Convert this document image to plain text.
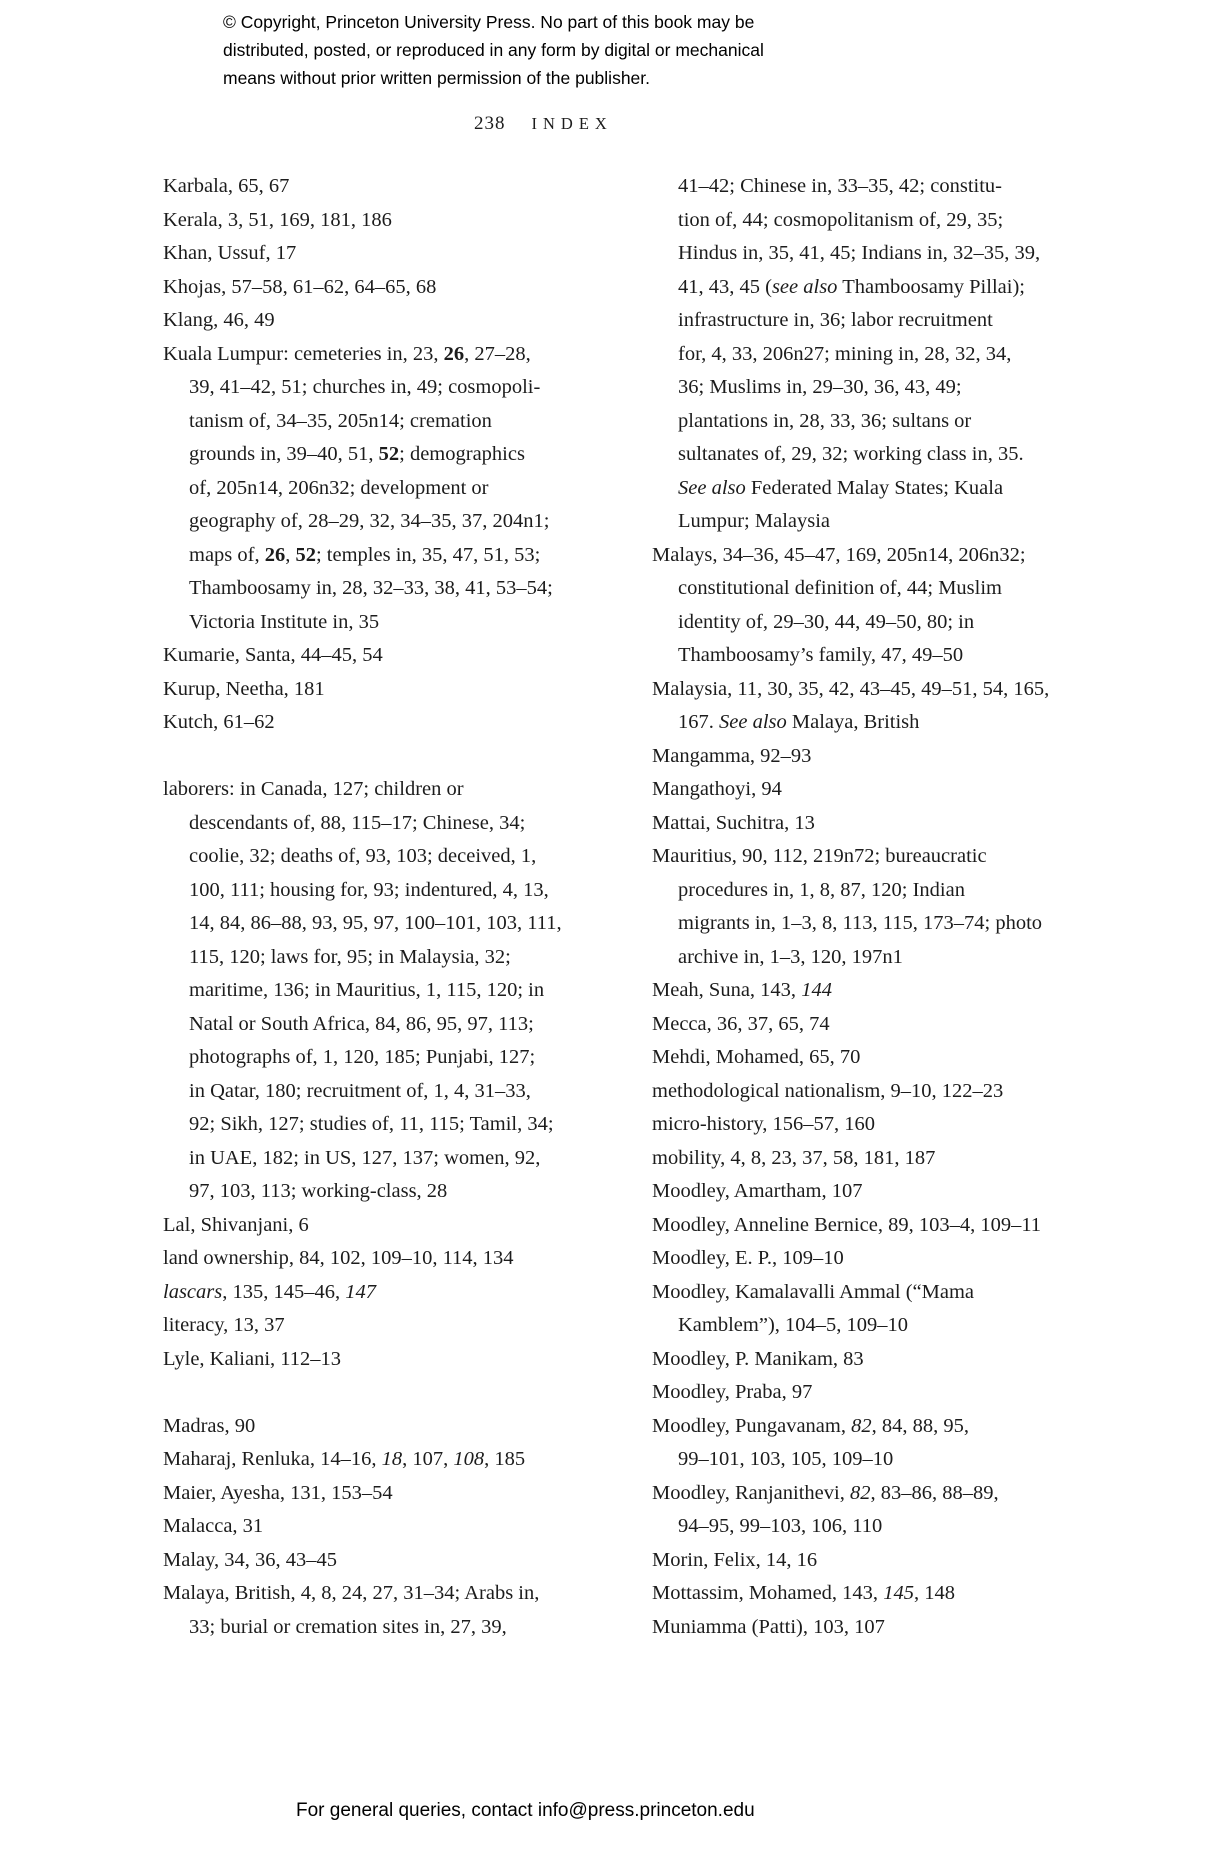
© Copyright, Princeton University Press. No part of this book may be
distributed, posted, or reproduced in any form by digital or mechanical
means without prior written permission of the publisher.
238 INDEX
Karbala, 65, 67
Kerala, 3, 51, 169, 181, 186
Khan, Ussuf, 17
Khojas, 57–58, 61–62, 64–65, 68
Klang, 46, 49
Kuala Lumpur: cemeteries in, 23, 26, 27–28,
39, 41–42, 51; churches in, 49; cosmopoli-
tanism of, 34–35, 205n14; cremation
grounds in, 39–40, 51, 52; demographics
of, 205n14, 206n32; development or
geography of, 28–29, 32, 34–35, 37, 204n1;
maps of, 26, 52; temples in, 35, 47, 51, 53;
Thamboosamy in, 28, 32–33, 38, 41, 53–54;
Victoria Institute in, 35
Kumarie, Santa, 44–45, 54
Kurup, Neetha, 181
Kutch, 61–62
laborers: in Canada, 127; children or
descendants of, 88, 115–17; Chinese, 34;
coolie, 32; deaths of, 93, 103; deceived, 1,
100, 111; housing for, 93; indentured, 4, 13,
14, 84, 86–88, 93, 95, 97, 100–101, 103, 111,
115, 120; laws for, 95; in Malaysia, 32;
maritime, 136; in Mauritius, 1, 115, 120; in
Natal or South Africa, 84, 86, 95, 97, 113;
photographs of, 1, 120, 185; Punjabi, 127;
in Qatar, 180; recruitment of, 1, 4, 31–33,
92; Sikh, 127; studies of, 11, 115; Tamil, 34;
in UAE, 182; in US, 127, 137; women, 92,
97, 103, 113; working-class, 28
Lal, Shivanjani, 6
land ownership, 84, 102, 109–10, 114, 134
lascars, 135, 145–46, 147
literacy, 13, 37
Lyle, Kaliani, 112–13
Madras, 90
Maharaj, Renluka, 14–16, 18, 107, 108, 185
Maier, Ayesha, 131, 153–54
Malacca, 31
Malay, 34, 36, 43–45
Malaya, British, 4, 8, 24, 27, 31–34; Arabs in,
33; burial or cremation sites in, 27, 39,
41–42; Chinese in, 33–35, 42; constitu-
tion of, 44; cosmopolitanism of, 29, 35;
Hindus in, 35, 41, 45; Indians in, 32–35, 39,
41, 43, 45 (see also Thamboosamy Pillai);
infrastructure in, 36; labor recruitment
for, 4, 33, 206n27; mining in, 28, 32, 34,
36; Muslims in, 29–30, 36, 43, 49;
plantations in, 28, 33, 36; sultans or
sultanates of, 29, 32; working class in, 35.
See also Federated Malay States; Kuala
Lumpur; Malaysia
Malays, 34–36, 45–47, 169, 205n14, 206n32;
constitutional definition of, 44; Muslim
identity of, 29–30, 44, 49–50, 80; in
Thamboosamy’s family, 47, 49–50
Malaysia, 11, 30, 35, 42, 43–45, 49–51, 54, 165,
167. See also Malaya, British
Mangamma, 92–93
Mangathoyi, 94
Mattai, Suchitra, 13
Mauritius, 90, 112, 219n72; bureaucratic
procedures in, 1, 8, 87, 120; Indian
migrants in, 1–3, 8, 113, 115, 173–74; photo
archive in, 1–3, 120, 197n1
Meah, Suna, 143, 144
Mecca, 36, 37, 65, 74
Mehdi, Mohamed, 65, 70
methodological nationalism, 9–10, 122–23
micro-history, 156–57, 160
mobility, 4, 8, 23, 37, 58, 181, 187
Moodley, Amartham, 107
Moodley, Anneline Bernice, 89, 103–4, 109–11
Moodley, E. P., 109–10
Moodley, Kamalavalli Ammal (“Mama
Kamblem”), 104–5, 109–10
Moodley, P. Manikam, 83
Moodley, Praba, 97
Moodley, Pungavanam, 82, 84, 88, 95,
99–101, 103, 105, 109–10
Moodley, Ranjanithevi, 82, 83–86, 88–89,
94–95, 99–103, 106, 110
Morin, Felix, 14, 16
Mottassim, Mohamed, 143, 145, 148
Muniamma (Patti), 103, 107
For general queries, contact info@press.princeton.edu
